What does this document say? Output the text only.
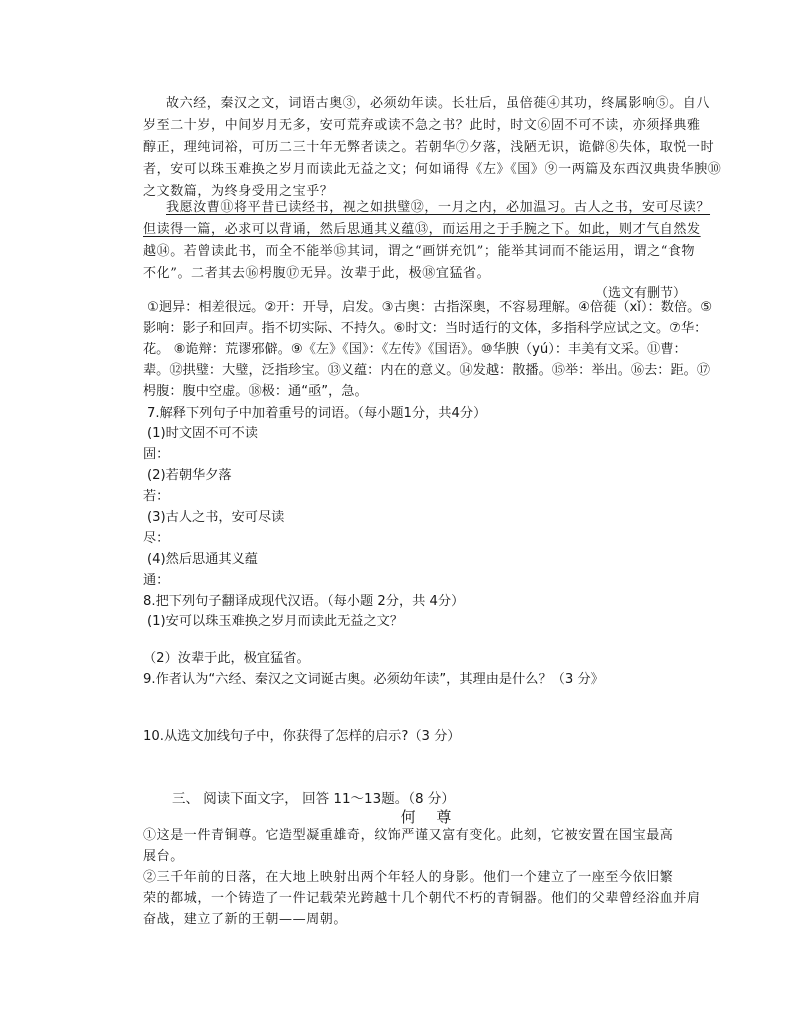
故六经，秦汉之文，词语古奥③，必须幼年读。长壮后，虽倍蓰④其功，终属影响⑤。自八
岁至二十岁，中间岁月无多，安可荒弃或读不急之书？此时，时文⑥固不可不读，亦须择典雅
醇正，理纯词裕，可历二三十年无弊者读之。若朝华⑦夕落，浅陋无识，诡僻⑧失体，取悦一时
者，安可以珠玉难换之岁月而读此无益之文；何如诵得《左》《国》⑨一两篇及东西汉典贵华腴⑩
之文数篇，为终身受用之宝乎？
我愿汝曹⑪将平昔已读经书，视之如拱璧⑫，一月之内，必加温习。古人之书，安可尽读？
但读得一篇，必求可以背诵，然后思通其义蕴⑬，而运用之于手腕之下。如此，则才气自然发
越⑭。若曾读此书，而全不能举⑮其词，谓之“画饼充饥”；能举其词而不能运用，谓之“食物
不化”。二者其去⑯枵腹⑰无异。汝辈于此，极⑱宜猛省。
（选文有删节）
①迥异：相差很远。②开：开导，启发。③古奥：古指深奥，不容易理解。④倍蓰（xǐ）：数倍。⑤
影响：影子和回声。指不切实际、不持久。⑥时文：当时适行的文体，多指科学应试之文。⑦华：
花。 ⑧诡辩：荒谬邪僻。⑨《左》《国》：《左传》《国语》。⑩华腴（yú）：丰美有文采。⑪曹：
辈。⑫拱璧：大璧，泛指珍宝。⑬义蕴：内在的意义。⑭发越：散播。⑮举：举出。⑯去：距。⑰
枵腹：腹中空虚。⑱极：通“亟”，急。
7.解释下列句子中加着重号的词语。（每小题1分，共4分）
(1)时文固不可不读
固：
(2)若朝华夕落
若：
(3)古人之书，安可尽读
尽：
(4)然后思通其义蕴
通：
8.把下列句子翻译成现代汉语。（每小题 2分，共 4分）
(1)安可以珠玉难换之岁月而读此无益之文？
（2）汝辈于此，极宜猛省。
9.作者认为“六经、秦汉之文词诞古奥。必须幼年读”，其理由是什么？（3 分》
10.从选文加线句子中，你获得了怎样的启示?（3 分）
三、 阅读下面文字， 回答 11～13题。（8 分）
何 尊
①这是一件青铜尊。它造型凝重雄奇，纹饰严谨又富有变化。此刻，它被安置在国宝最高
展台。
②三千年前的日落，在大地上映射出两个年轻人的身影。他们一个建立了一座至今依旧繁
荣的都城，一个铸造了一件记载荣光跨越十几个朝代不朽的青铜器。他们的父辈曾经浴血并肩
奋战，建立了新的王朝——周朝。
